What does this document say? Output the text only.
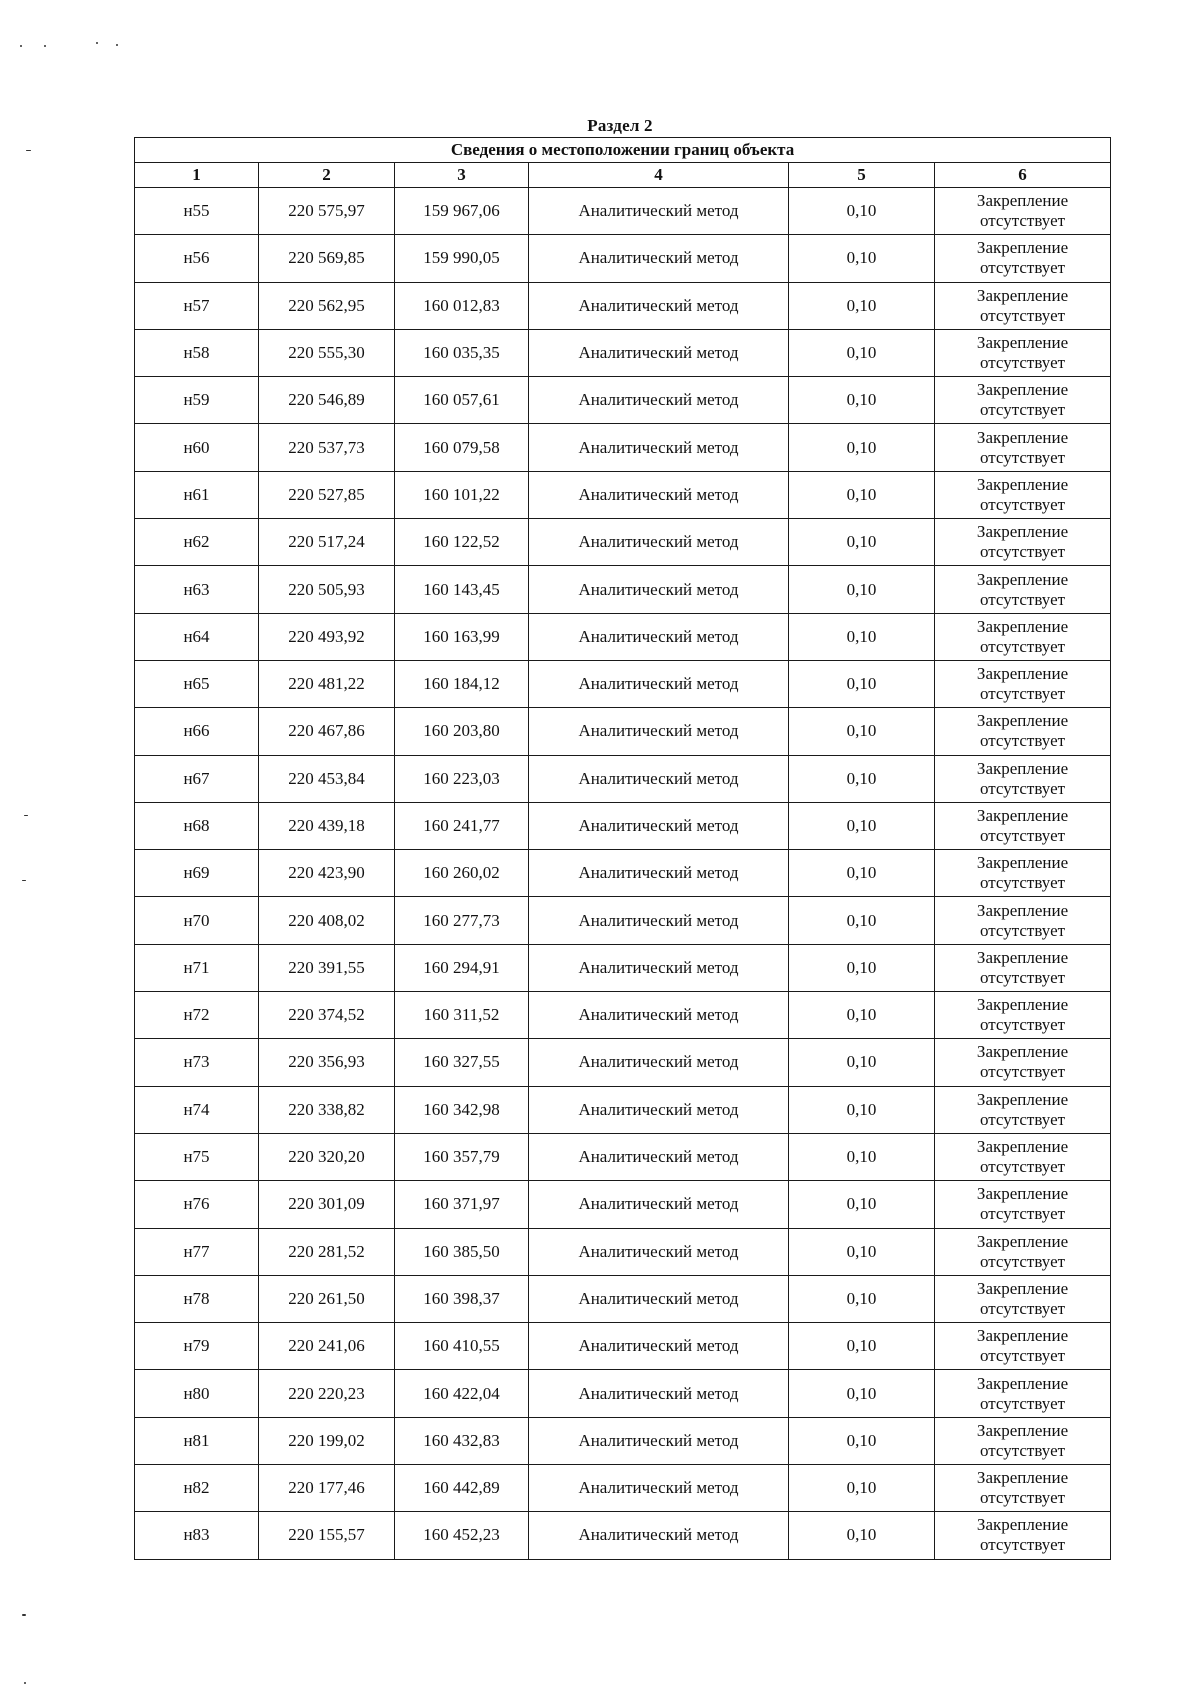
Раздел 2
Сведения о местоположении границ объекта					
1	2	3	4	5	6
н55	220 575,97	159 967,06	Аналитический метод	0,10	Закрепление отсутствует
н56	220 569,85	159 990,05	Аналитический метод	0,10	Закрепление отсутствует
н57	220 562,95	160 012,83	Аналитический метод	0,10	Закрепление отсутствует
н58	220 555,30	160 035,35	Аналитический метод	0,10	Закрепление отсутствует
н59	220 546,89	160 057,61	Аналитический метод	0,10	Закрепление отсутствует
н60	220 537,73	160 079,58	Аналитический метод	0,10	Закрепление отсутствует
н61	220 527,85	160 101,22	Аналитический метод	0,10	Закрепление отсутствует
н62	220 517,24	160 122,52	Аналитический метод	0,10	Закрепление отсутствует
н63	220 505,93	160 143,45	Аналитический метод	0,10	Закрепление отсутствует
н64	220 493,92	160 163,99	Аналитический метод	0,10	Закрепление отсутствует
н65	220 481,22	160 184,12	Аналитический метод	0,10	Закрепление отсутствует
н66	220 467,86	160 203,80	Аналитический метод	0,10	Закрепление отсутствует
н67	220 453,84	160 223,03	Аналитический метод	0,10	Закрепление отсутствует
н68	220 439,18	160 241,77	Аналитический метод	0,10	Закрепление отсутствует
н69	220 423,90	160 260,02	Аналитический метод	0,10	Закрепление отсутствует
н70	220 408,02	160 277,73	Аналитический метод	0,10	Закрепление отсутствует
н71	220 391,55	160 294,91	Аналитический метод	0,10	Закрепление отсутствует
н72	220 374,52	160 311,52	Аналитический метод	0,10	Закрепление отсутствует
н73	220 356,93	160 327,55	Аналитический метод	0,10	Закрепление отсутствует
н74	220 338,82	160 342,98	Аналитический метод	0,10	Закрепление отсутствует
н75	220 320,20	160 357,79	Аналитический метод	0,10	Закрепление отсутствует
н76	220 301,09	160 371,97	Аналитический метод	0,10	Закрепление отсутствует
н77	220 281,52	160 385,50	Аналитический метод	0,10	Закрепление отсутствует
н78	220 261,50	160 398,37	Аналитический метод	0,10	Закрепление отсутствует
н79	220 241,06	160 410,55	Аналитический метод	0,10	Закрепление отсутствует
н80	220 220,23	160 422,04	Аналитический метод	0,10	Закрепление отсутствует
н81	220 199,02	160 432,83	Аналитический метод	0,10	Закрепление отсутствует
н82	220 177,46	160 442,89	Аналитический метод	0,10	Закрепление отсутствует
н83	220 155,57	160 452,23	Аналитический метод	0,10	Закрепление отсутствует
